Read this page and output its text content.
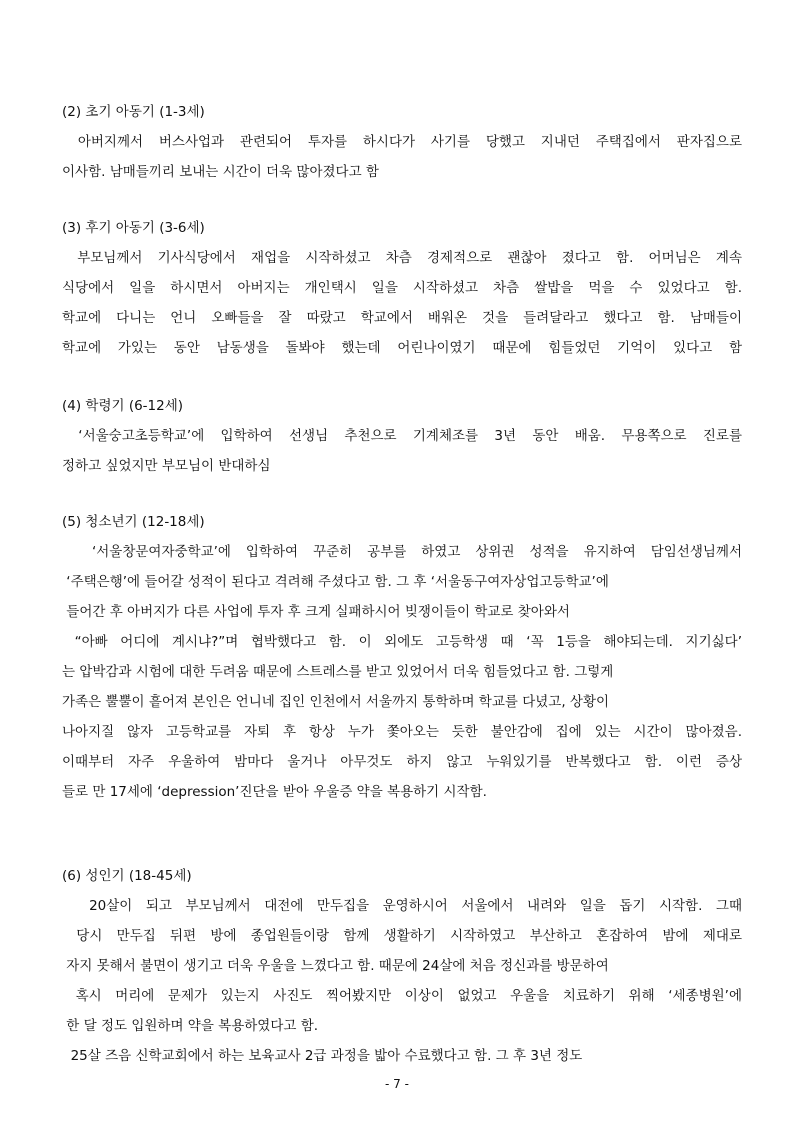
(2) 초기 아동기 (1-3세)
아버지께서 버스사업과 관련되어 투자를 하시다가 사기를 당했고 지내던 주택집에서 판자집으로
이사함. 남매들끼리 보내는 시간이 더욱 많아졌다고 함
(3) 후기 아동기 (3-6세)
부모님께서 기사식당에서 재업을 시작하셨고 차츰 경제적으로 괜찮아 졌다고 함. 어머님은 계속
식당에서 일을 하시면서 아버지는 개인택시 일을 시작하셨고 차츰 쌀밥을 먹을 수 있었다고 함.
학교에 다니는 언니 오빠들을 잘 따랐고 학교에서 배워온 것을 들려달라고 했다고 함. 남매들이
학교에 가있는 동안 남동생을 돌봐야 했는데 어린나이였기 때문에 힘들었던 기억이 있다고 함
(4) 학령기 (6-12세)
‘서울숭고초등학교’에 입학하여 선생님 추천으로 기계체조를 3년 동안 배움. 무용쪽으로 진로를
정하고 싶었지만 부모님이 반대하심
(5) 청소년기 (12-18세)
‘서울창문여자중학교’에 입학하여 꾸준히 공부를 하였고 상위권 성적을 유지하여 담임선생님께서
‘주택은행’에 들어갈 성적이 된다고 격려해 주셨다고 함. 그 후 ‘서울동구여자상업고등학교’에
들어간 후 아버지가 다른 사업에 투자 후 크게 실패하시어 빚쟁이들이 학교로 찾아와서
“아빠 어디에 계시냐?”며 협박했다고 함. 이 외에도 고등학생 때 ‘꼭 1등을 해야되는데. 지기싫다’
는 압박감과 시험에 대한 두려움 때문에 스트레스를 받고 있었어서 더욱 힘들었다고 함. 그렇게
가족은 뿔뿔이 흩어져 본인은 언니네 집인 인천에서 서울까지 통학하며 학교를 다녔고, 상황이
나아지질 않자 고등학교를 자퇴 후 항상 누가 쫓아오는 듯한 불안감에 집에 있는 시간이 많아졌음.
이때부터 자주 우울하여 밤마다 울거나 아무것도 하지 않고 누워있기를 반복했다고 함. 이런 증상
들로 만 17세에 ‘depression’진단을 받아 우울증 약을 복용하기 시작함.
(6) 성인기 (18-45세)
20살이 되고 부모님께서 대전에 만두집을 운영하시어 서울에서 내려와 일을 돕기 시작함. 그때
당시 만두집 뒤편 방에 종업원들이랑 함께 생활하기 시작하였고 부산하고 혼잡하여 밤에 제대로
자지 못해서 불면이 생기고 더욱 우울을 느꼈다고 함. 때문에 24살에 처음 정신과를 방문하여
혹시 머리에 문제가 있는지 사진도 찍어봤지만 이상이 없었고 우울을 치료하기 위해 ‘세종병원’에
한 달 정도 입원하며 약을 복용하였다고 함.
25살 즈음 신학교회에서 하는 보육교사 2급 과정을 밟아 수료했다고 함. 그 후 3년 정도
- 7 -
